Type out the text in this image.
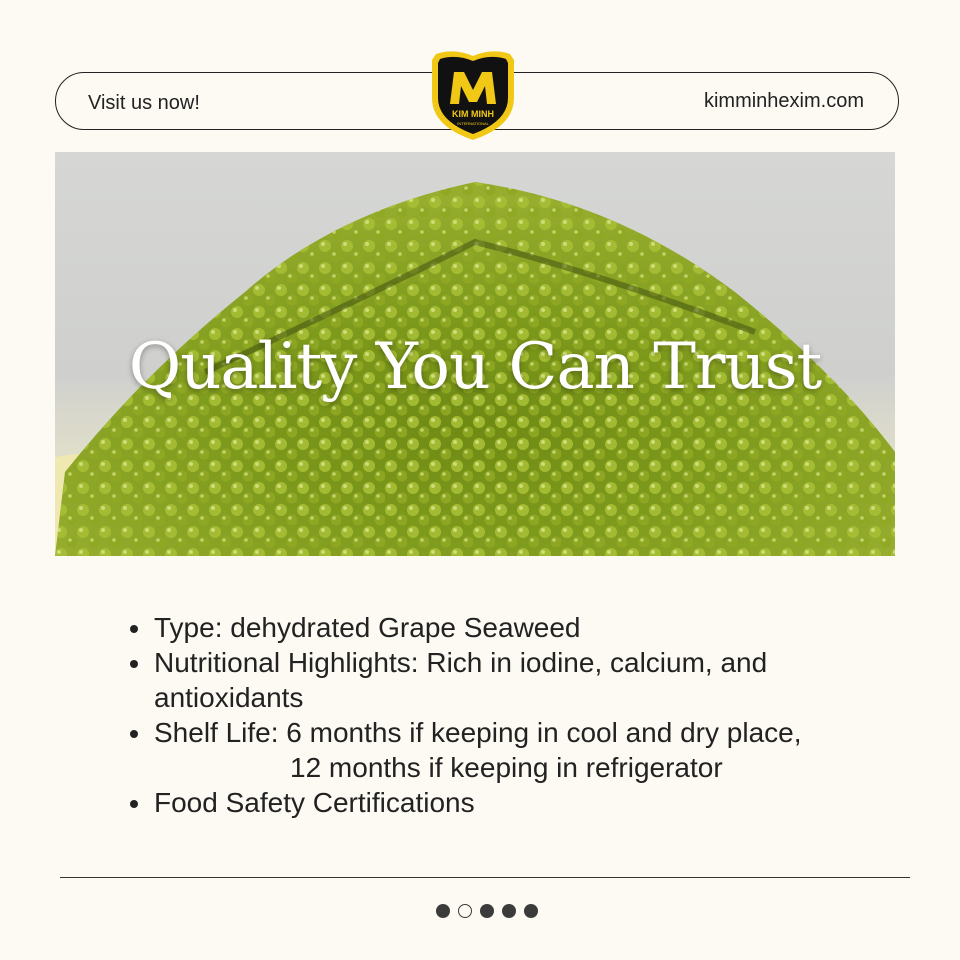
Visit us now!	kimminhexim.com
KIM MINH
INTERNATIONAL
Quality You Can Trust
Type: dehydrated Grape Seaweed
Nutritional Highlights: Rich in iodine, calcium, and antioxidants
Shelf Life: 6 months if keeping in cool and dry place,
12 months if keeping in refrigerator
Food Safety Certifications
